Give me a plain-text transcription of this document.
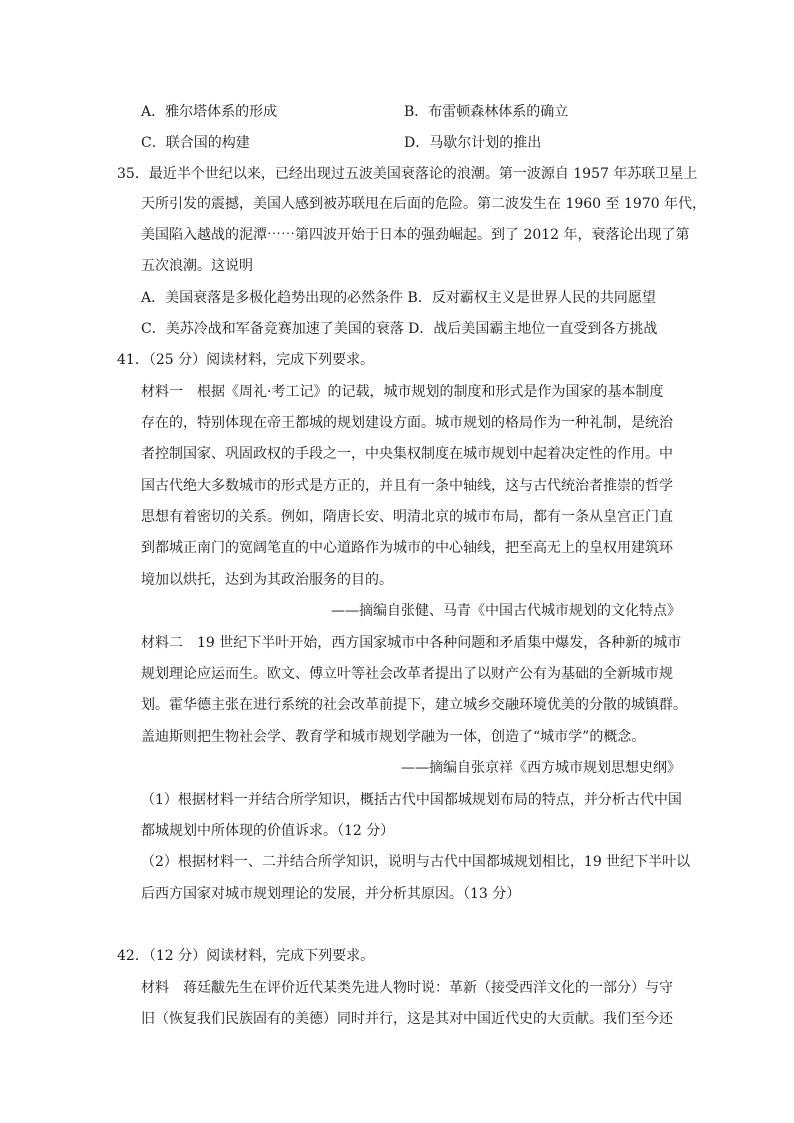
A．雅尔塔体系的形成	B．布雷顿森林体系的确立
C．联合国的构建	D．马歇尔计划的推出
35．最近半个世纪以来，已经出现过五波美国衰落论的浪潮。第一波源自 1957 年苏联卫星上
天所引发的震撼，美国人感到被苏联甩在后面的危险。第二波发生在 1960 至 1970 年代，
美国陷入越战的泥潭⋯⋯第四波开始于日本的强劲崛起。到了 2012 年，衰落论出现了第
五次浪潮。这说明
A．美国衰落是多极化趋势出现的必然条件 B．反对霸权主义是世界人民的共同愿望
C．美苏冷战和军备竞赛加速了美国的衰落 D．战后美国霸主地位一直受到各方挑战
41．（25 分）阅读材料，完成下列要求。
材料一　根据《周礼·考工记》的记载，城市规划的制度和形式是作为国家的基本制度
存在的，特别体现在帝王都城的规划建设方面。城市规划的格局作为一种礼制，是统治
者控制国家、巩固政权的手段之一，中央集权制度在城市规划中起着决定性的作用。中
国古代绝大多数城市的形式是方正的，并且有一条中轴线，这与古代统治者推崇的哲学
思想有着密切的关系。例如，隋唐长安、明清北京的城市布局，都有一条从皇宫正门直
到都城正南门的宽阔笔直的中心道路作为城市的中心轴线，把至高无上的皇权用建筑环
境加以烘托，达到为其政治服务的目的。
——摘编自张健、马青《中国古代城市规划的文化特点》
材料二　19 世纪下半叶开始，西方国家城市中各种问题和矛盾集中爆发，各种新的城市
规划理论应运而生。欧文、傅立叶等社会改革者提出了以财产公有为基础的全新城市规
划。霍华德主张在进行系统的社会改革前提下，建立城乡交融环境优美的分散的城镇群。
盖迪斯则把生物社会学、教育学和城市规划学融为一体，创造了“城市学”的概念。
——摘编自张京祥《西方城市规划思想史纲》
（1）根据材料一并结合所学知识，概括古代中国都城规划布局的特点，并分析古代中国
都城规划中所体现的价值诉求。（12 分）
（2）根据材料一、二并结合所学知识，说明与古代中国都城规划相比，19 世纪下半叶以
后西方国家对城市规划理论的发展，并分析其原因。（13 分）
42．（12 分）阅读材料，完成下列要求。
材料　蒋廷黻先生在评价近代某类先进人物时说：革新（接受西洋文化的一部分）与守
旧（恢复我们民族固有的美德）同时并行，这是其对中国近代史的大贡献。我们至今还
